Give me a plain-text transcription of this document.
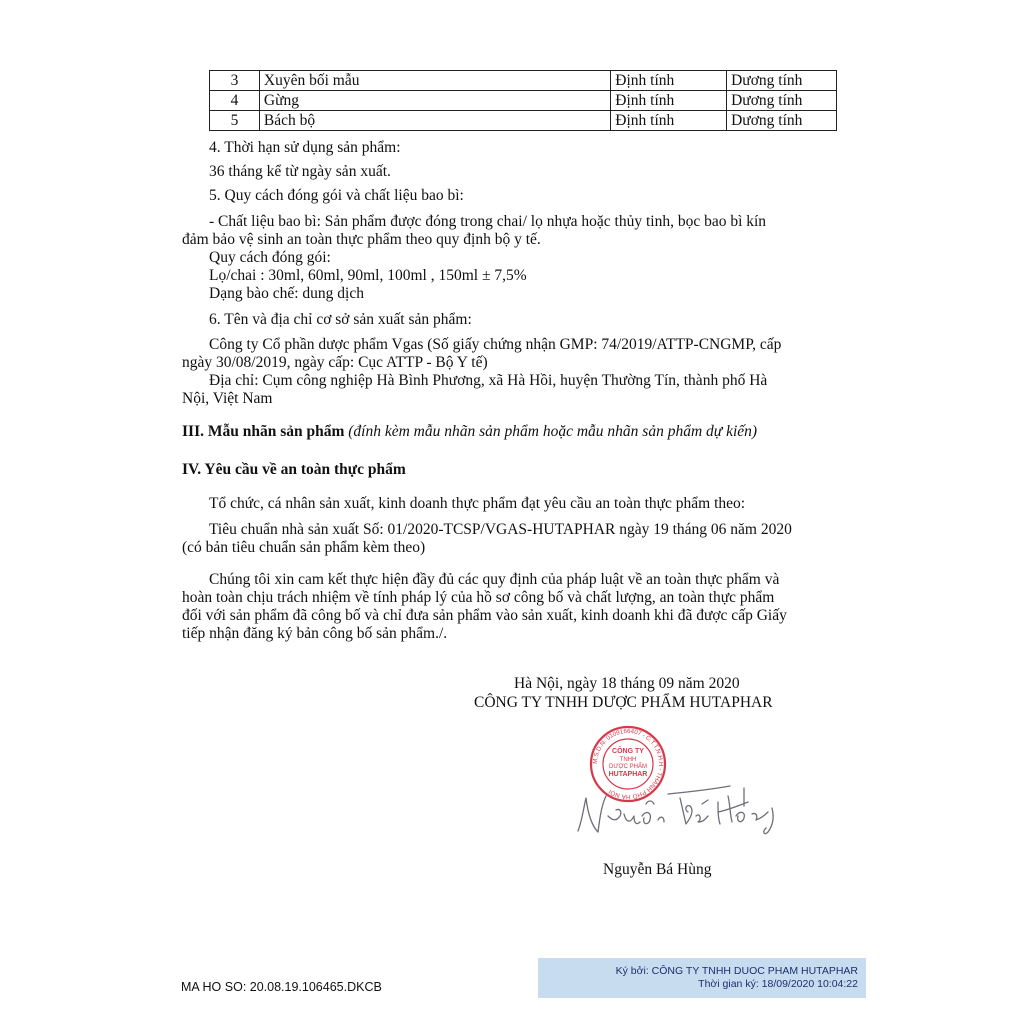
3	Xuyên bối mẫu	Định tính	Dương tính
4	Gừng	Định tính	Dương tính
5	Bách bộ	Định tính	Dương tính
4. Thời hạn sử dụng sản phẩm:
36 tháng kể từ ngày sản xuất.
5. Quy cách đóng gói và chất liệu bao bì:
- Chất liệu bao bì: Sản phẩm được đóng trong chai/ lọ nhựa hoặc thủy tinh, bọc bao bì kín
đảm bảo vệ sinh an toàn thực phẩm theo quy định bộ y tế.
Quy cách đóng gói:
Lọ/chai : 30ml, 60ml, 90ml, 100ml , 150ml ± 7,5%
Dạng bào chế: dung dịch
6. Tên và địa chỉ cơ sở sản xuất sản phẩm:
Công ty Cổ phần dược phẩm Vgas (Số giấy chứng nhận GMP: 74/2019/ATTP-CNGMP, cấp
ngày 30/08/2019, ngày cấp: Cục ATTP - Bộ Y tế)
Địa chỉ: Cụm công nghiệp Hà Bình Phương, xã Hà Hồi, huyện Thường Tín, thành phố Hà
Nội, Việt Nam
III. Mẫu nhãn sản phẩm (đính kèm mẫu nhãn sản phẩm hoặc mẫu nhãn sản phẩm dự kiến)
IV. Yêu cầu về an toàn thực phẩm
Tổ chức, cá nhân sản xuất, kinh doanh thực phẩm đạt yêu cầu an toàn thực phẩm theo:
Tiêu chuẩn nhà sản xuất Số: 01/2020-TCSP/VGAS-HUTAPHAR ngày 19 tháng 06 năm 2020
(có bản tiêu chuẩn sản phẩm kèm theo)
Chúng tôi xin cam kết thực hiện đầy đủ các quy định của pháp luật về an toàn thực phẩm và
hoàn toàn chịu trách nhiệm về tính pháp lý của hồ sơ công bố và chất lượng, an toàn thực phẩm
đối với sản phẩm đã công bố và chỉ đưa sản phẩm vào sản xuất, kinh doanh khi đã được cấp Giấy
tiếp nhận đăng ký bản công bố sản phẩm./.
Hà Nội, ngày 18 tháng 09 năm 2020
CÔNG TY TNHH DƯỢC PHẨM HUTAPHAR
M.S.D.N: 0109166407 - C.T.T.N.H.H - THÀNH PHỐ HÀ NỘI
CÔNG TY
TNHH
DƯỢC PHẨM
HUTAPHAR
Nguyễn Bá Hùng
Ký bởi: CÔNG TY TNHH DUOC PHAM HUTAPHAR
Thời gian ký: 18/09/2020 10:04:22
MA HO SO: 20.08.19.106465.DKCB
